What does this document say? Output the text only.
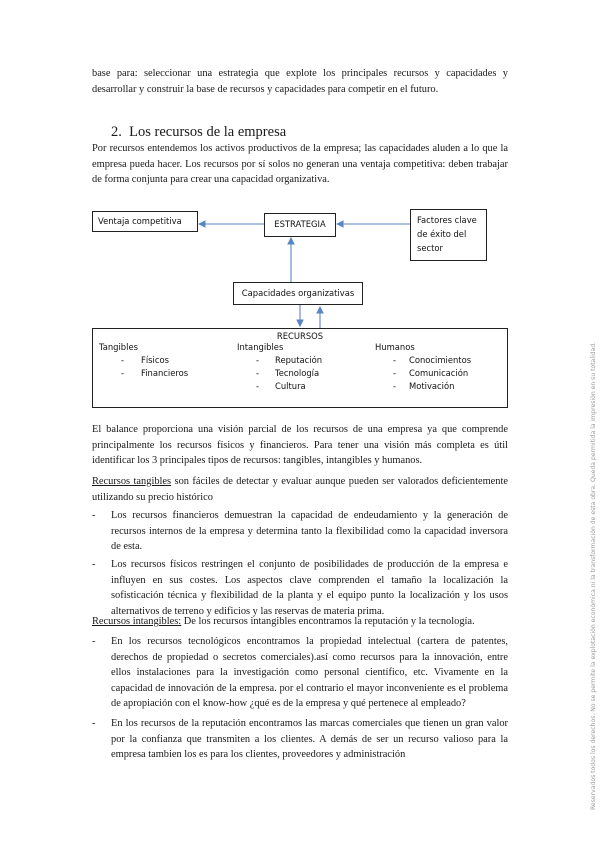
base para: seleccionar una estrategia que explote los principales recursos y capacidades y desarrollar y construir la base de recursos y capacidades para competir en el futuro.

2. Los recursos de la empresa

Por recursos entendemos los activos productivos de la empresa; las capacidades aluden a lo que la empresa pueda hacer. Los recursos por sí solos no generan una ventaja competitiva: deben trabajar de forma conjunta para crear una capacidad organizativa.

Ventaja competitiva	ESTRATEGIA	Factores clave
de éxito del
sector
Capacidades organizativas
RECURSOS
Tangibles
- Físicos
- Financieros
Intangibles
- Reputación
- Tecnología
- Cultura
Humanos
- Conocimientos
- Comunicación
- Motivación

El balance proporciona una visión parcial de los recursos de una empresa ya que comprende principalmente los recursos físicos y financieros. Para tener una visión más completa es útil identificar los 3 principales tipos de recursos: tangibles, intangibles y humanos.

Recursos tangibles son fáciles de detectar y evaluar aunque pueden ser valorados deficientemente utilizando su precio histórico

- Los recursos financieros demuestran la capacidad de endeudamiento y la generación de recursos internos de la empresa y determina tanto la flexibilidad como la capacidad inversora de esta.
- Los recursos físicos restringen el conjunto de posibilidades de producción de la empresa e influyen en sus costes. Los aspectos clave comprenden el tamaño la localización la sofisticación técnica y flexibilidad de la planta y el equipo punto la localización y los usos alternativos de terreno y edificios y las reservas de materia prima.

Recursos intangibles: De los recursos intangibles encontramos la reputación y la tecnología.

- En los recursos tecnológicos encontramos la propiedad intelectual (cartera de patentes, derechos de propiedad o secretos comerciales).así como recursos para la innovación, entre ellos instalaciones para la investigación como personal científico, etc. Vivamente en la capacidad de innovación de la empresa. por el contrario el mayor inconveniente es el problema de apropiación con el know-how ¿qué es de la empresa y qué pertenece al empleado?
- En los recursos de la reputación encontramos las marcas comerciales que tienen un gran valor por la confianza que transmiten a los clientes. A demás de ser un recurso valioso para la empresa tambien los es para los clientes, proveedores y administración	Reservados todos los derechos. No se permite la explotación económica ni la transformación de esta obra. Queda permitida la impresión en su totalidad.
